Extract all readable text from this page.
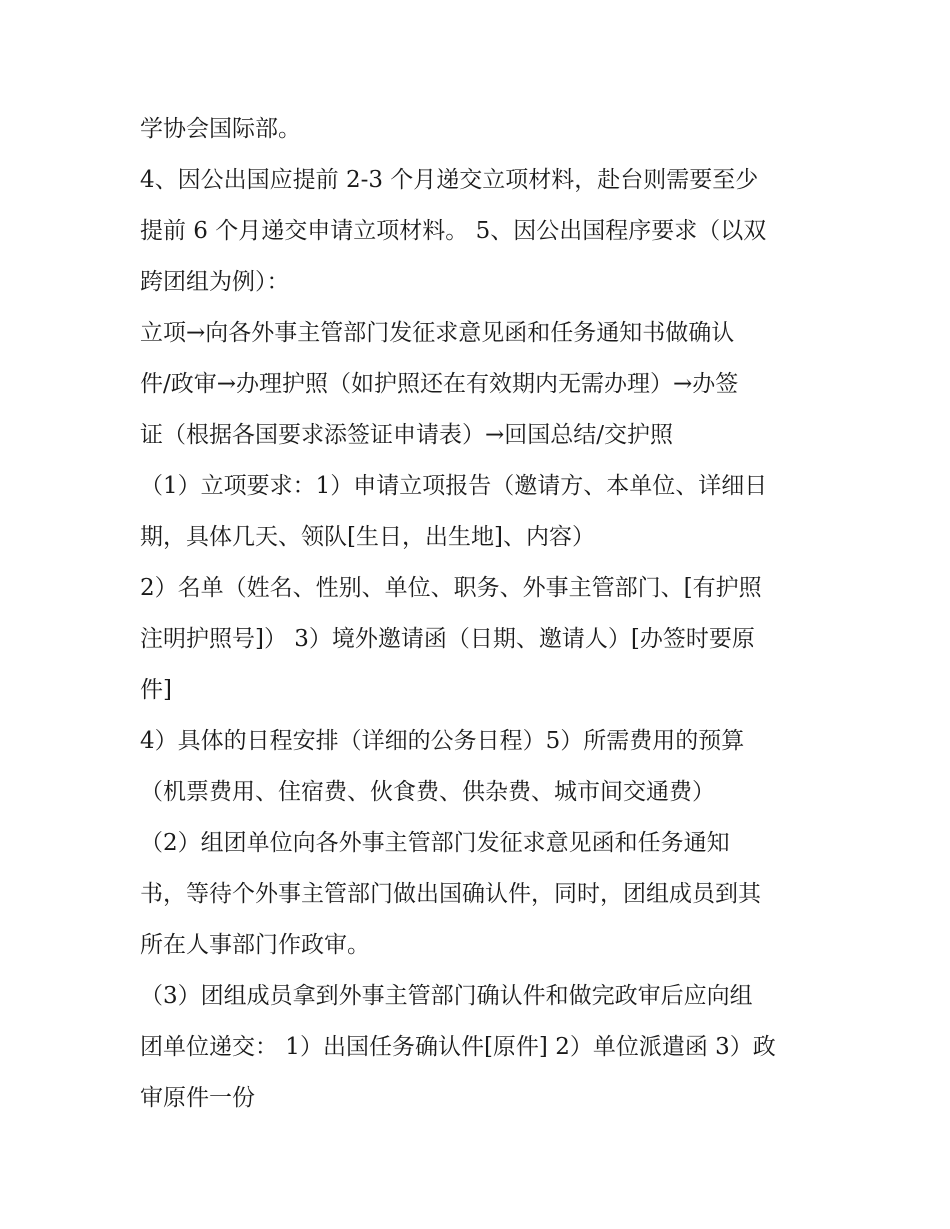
学协会国际部。
4、因公出国应提前 2-3 个月递交立项材料，赴台则需要至少
提前 6 个月递交申请立项材料。 5、因公出国程序要求（以双
跨团组为例）：
立项→向各外事主管部门发征求意见函和任务通知书做确认
件/政审→办理护照（如护照还在有效期内无需办理）→办签
证（根据各国要求添签证申请表）→回国总结/交护照
（1）立项要求：1）申请立项报告（邀请方、本单位、详细日
期，具体几天、领队[生日，出生地]、内容）
2）名单（姓名、性别、单位、职务、外事主管部门、[有护照
注明护照号]） 3）境外邀请函（日期、邀请人）[办签时要原
件]
4）具体的日程安排（详细的公务日程）5）所需费用的预算
（机票费用、住宿费、伙食费、供杂费、城市间交通费）
（2）组团单位向各外事主管部门发征求意见函和任务通知
书，等待个外事主管部门做出国确认件，同时，团组成员到其
所在人事部门作政审。
（3）团组成员拿到外事主管部门确认件和做完政审后应向组
团单位递交： 1）出国任务确认件[原件] 2）单位派遣函 3）政
审原件一份
